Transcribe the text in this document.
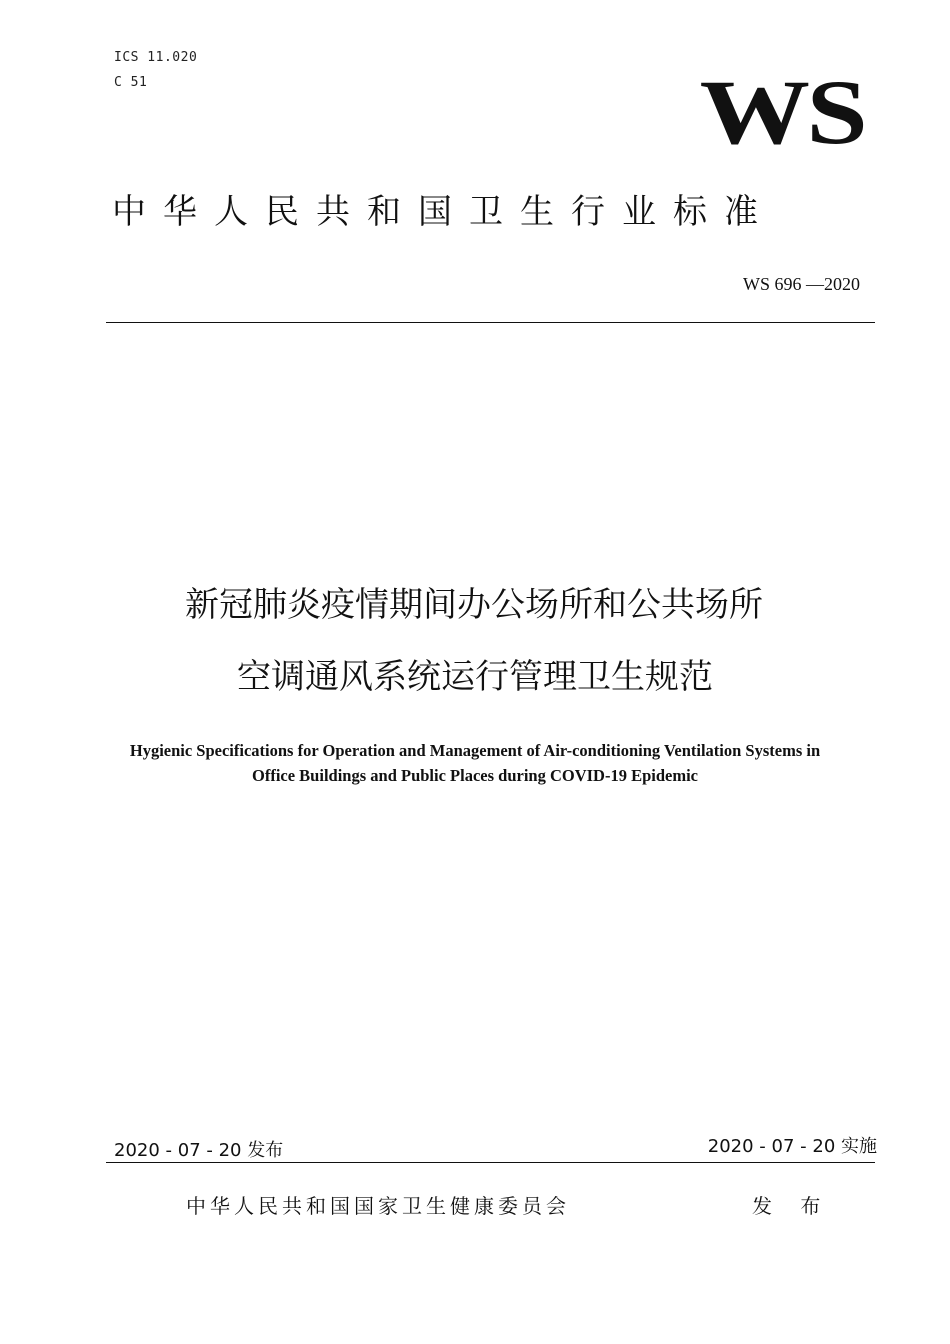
ICS 11.020
C 51	WS
中华人民共和国卫生行业标准
WS 696 —2020
新冠肺炎疫情期间办公场所和公共场所
空调通风系统运行管理卫生规范
Hygienic Specifications for Operation and Management of Air-conditioning Ventilation Systems in
Office Buildings and Public Places during COVID-19 Epidemic
2020 - 07 - 20 发布	2020 - 07 - 20 实施
中华人民共和国国家卫生健康委员会	发 布
